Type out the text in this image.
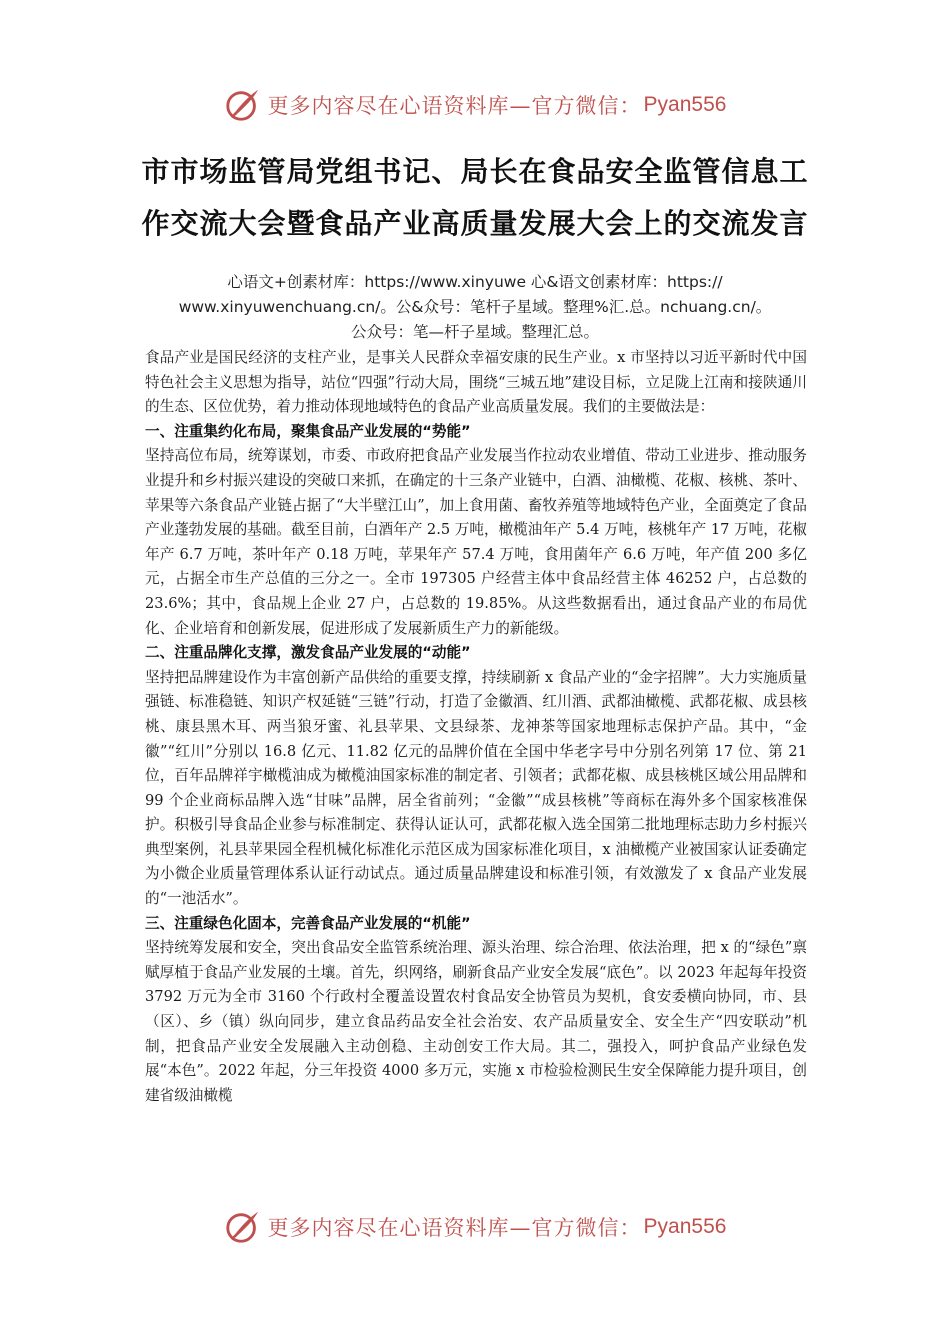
更多内容尽在心语资料库—官方微信： Pyan556
市市场监管局党组书记、局长在食品安全监管信息工
作交流大会暨食品产业高质量发展大会上的交流发言

心语文+创素材库：https://www.xinyuwe 心&语文创素材库：https://
www.xinyuwenchuang.cn/。公&众号：笔杆子星域。整理%汇.总。nchuang.cn/。
公众号：笔—杆子星域。整理汇总。

食品产业是国民经济的支柱产业，是事关人民群众幸福安康的民生产业。x 市坚持以习近平新时代中国特色社会主义思想为指导，站位“四强”行动大局，围绕“三城五地”建设目标，立足陇上江南和接陕通川的生态、区位优势，着力推动体现地域特色的食品产业高质量发展。我们的主要做法是：

一、注重集约化布局，聚集食品产业发展的“势能”

坚持高位布局，统筹谋划，市委、市政府把食品产业发展当作拉动农业增值、带动工业进步、推动服务业提升和乡村振兴建设的突破口来抓，在确定的十三条产业链中，白酒、油橄榄、花椒、核桃、茶叶、苹果等六条食品产业链占据了“大半壁江山”，加上食用菌、畜牧养殖等地域特色产业，全面奠定了食品产业蓬勃发展的基础。截至目前，白酒年产 2.5 万吨，橄榄油年产 5.4 万吨，核桃年产 17 万吨，花椒年产 6.7 万吨，茶叶年产 0.18 万吨，苹果年产 57.4 万吨，食用菌年产 6.6 万吨，年产值 200 多亿元，占据全市生产总值的三分之一。全市 197305 户经营主体中食品经营主体 46252 户，占总数的 23.6%；其中，食品规上企业 27 户，占总数的 19.85%。从这些数据看出，通过食品产业的布局优化、企业培育和创新发展，促进形成了发展新质生产力的新能级。

二、注重品牌化支撑，激发食品产业发展的“动能”

坚持把品牌建设作为丰富创新产品供给的重要支撑，持续刷新 x 食品产业的“金字招牌”。大力实施质量强链、标准稳链、知识产权延链“三链”行动，打造了金徽酒、红川酒、武都油橄榄、武都花椒、成县核桃、康县黑木耳、两当狼牙蜜、礼县苹果、文县绿茶、龙神茶等国家地理标志保护产品。其中，“金徽”“红川”分别以 16.8 亿元、11.82 亿元的品牌价值在全国中华老字号中分别名列第 17 位、第 21 位，百年品牌祥宇橄榄油成为橄榄油国家标准的制定者、引领者；武都花椒、成县核桃区域公用品牌和 99 个企业商标品牌入选“甘味”品牌，居全省前列；“金徽”“成县核桃”等商标在海外多个国家核准保护。积极引导食品企业参与标准制定、获得认证认可，武都花椒入选全国第二批地理标志助力乡村振兴典型案例，礼县苹果园全程机械化标准化示范区成为国家标准化项目，x 油橄榄产业被国家认证委确定为小微企业质量管理体系认证行动试点。通过质量品牌建设和标准引领，有效激发了 x 食品产业发展的“一池活水”。

三、注重绿色化固本，完善食品产业发展的“机能”

坚持统筹发展和安全，突出食品安全监管系统治理、源头治理、综合治理、依法治理，把 x 的“绿色”禀赋厚植于食品产业发展的土壤。首先，织网络，刷新食品产业安全发展“底色”。以 2023 年起每年投资 3792 万元为全市 3160 个行政村全覆盖设置农村食品安全协管员为契机，食安委横向协同，市、县（区）、乡（镇）纵向同步，建立食品药品安全社会治安、农产品质量安全、安全生产“四安联动”机制，把食品产业安全发展融入主动创稳、主动创安工作大局。其二，强投入，呵护食品产业绿色发展“本色”。2022 年起，分三年投资 4000 多万元，实施 x 市检验检测民生安全保障能力提升项目，创建省级油橄榄

更多内容尽在心语资料库—官方微信： Pyan556
